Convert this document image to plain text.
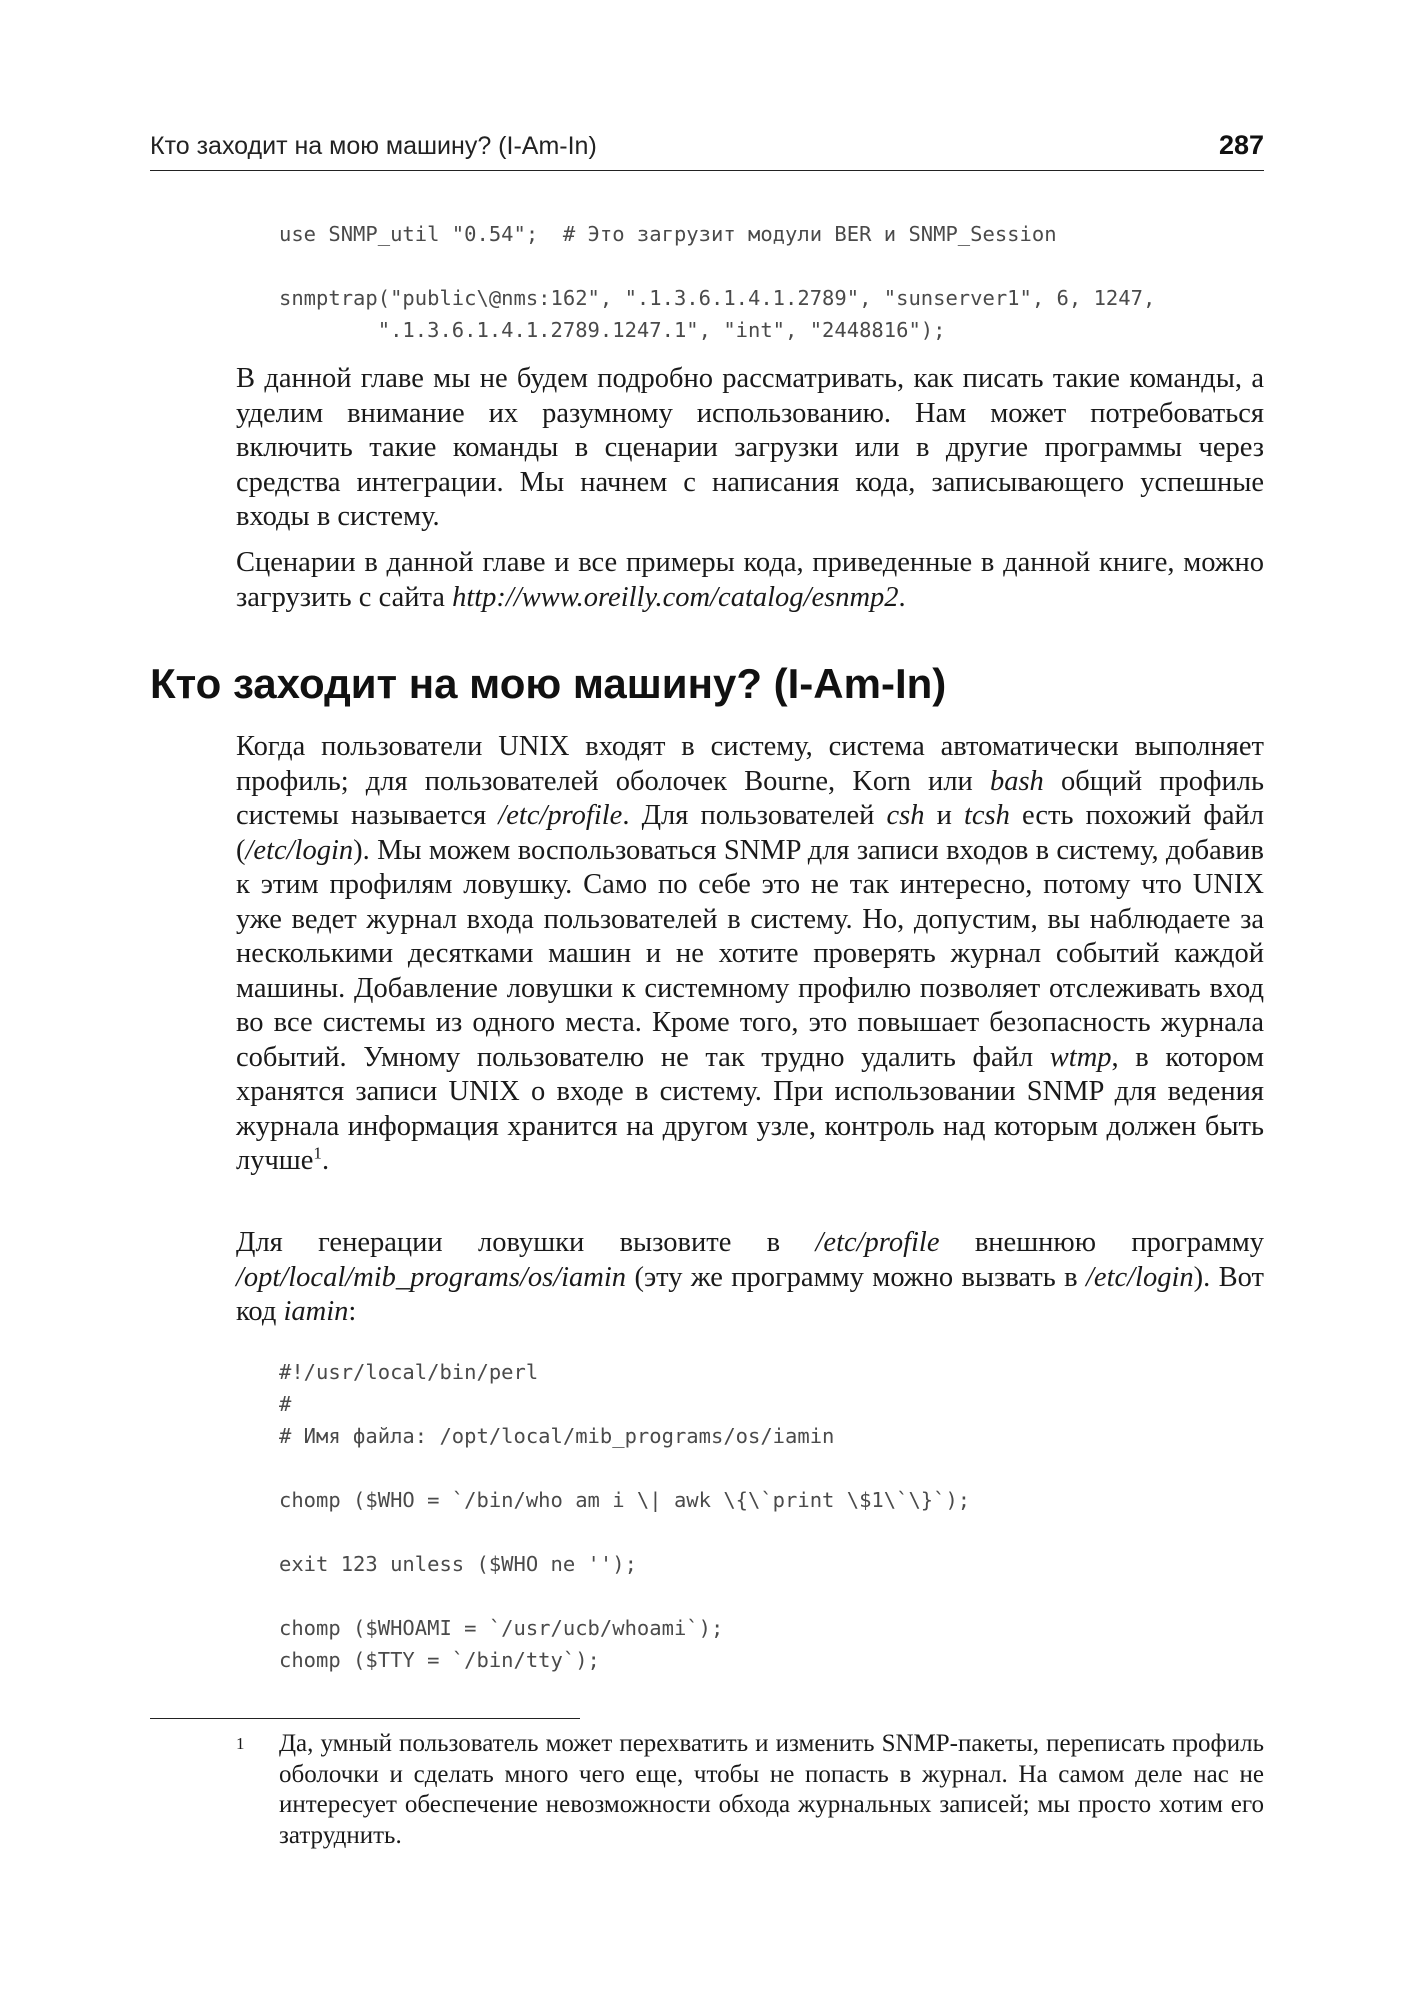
Кто заходит на мою машину? (I-Am-In)	287
use SNMP_util "0.54";  # Это загрузит модули BER и SNMP_Session

snmptrap("public\@nms:162", ".1.3.6.1.4.1.2789", "sunserver1", 6, 1247,
".1.3.6.1.4.1.2789.1247.1", "int", "2448816");

В данной главе мы не будем подробно рассматривать, как писать такие команды, а уделим внимание их разумному использованию. Нам может потребоваться включить такие команды в сценарии загрузки или в другие программы через средства интеграции. Мы начнем с написания кода, записывающего успешные входы в систему.

Сценарии в данной главе и все примеры кода, приведенные в данной книге, можно загрузить с сайта http://www.oreilly.com/catalog/esnmp2.

Кто заходит на мою машину? (I-Am-In)

Когда пользователи UNIX входят в систему, система автоматически выполняет профиль; для пользователей оболочек Bourne, Korn или bash общий профиль системы называется /etc/profile. Для пользователей csh и tcsh есть похожий файл (/etc/login). Мы можем воспользоваться SNMP для записи входов в систему, добавив к этим профилям ловушку. Само по себе это не так интересно, потому что UNIX уже ведет журнал входа пользователей в систему. Но, допустим, вы наблюдаете за несколькими десятками машин и не хотите проверять журнал событий каждой машины. Добавление ловушки к системному профилю позволяет отслеживать вход во все системы из одного места. Кроме того, это повышает безопасность журнала событий. Умному пользователю не так трудно удалить файл wtmp, в котором хранятся записи UNIX о входе в систему. При использовании SNMP для ведения журнала информация хранится на другом узле, контроль над которым должен быть лучше$^1$.

Для генерации ловушки вызовите в /etc/profile внешнюю программу /opt/local/mib_programs/os/iamin (эту же программу можно вызвать в /etc/login). Вот код iamin:

#!/usr/local/bin/perl
#
# Имя файла: /opt/local/mib_programs/os/iamin

chomp ($WHO = `/bin/who am i \| awk \{\`print \$1\`\}`);

exit 123 unless ($WHO ne '');

chomp ($WHOAMI = `/usr/ucb/whoami`);
chomp ($TTY = `/bin/tty`);
1 Да, умный пользователь может перехватить и изменить SNMP-пакеты, переписать профиль оболочки и сделать много чего еще, чтобы не попасть в журнал. На самом деле нас не интересует обеспечение невозможности обхода журнальных записей; мы просто хотим его затруднить.
